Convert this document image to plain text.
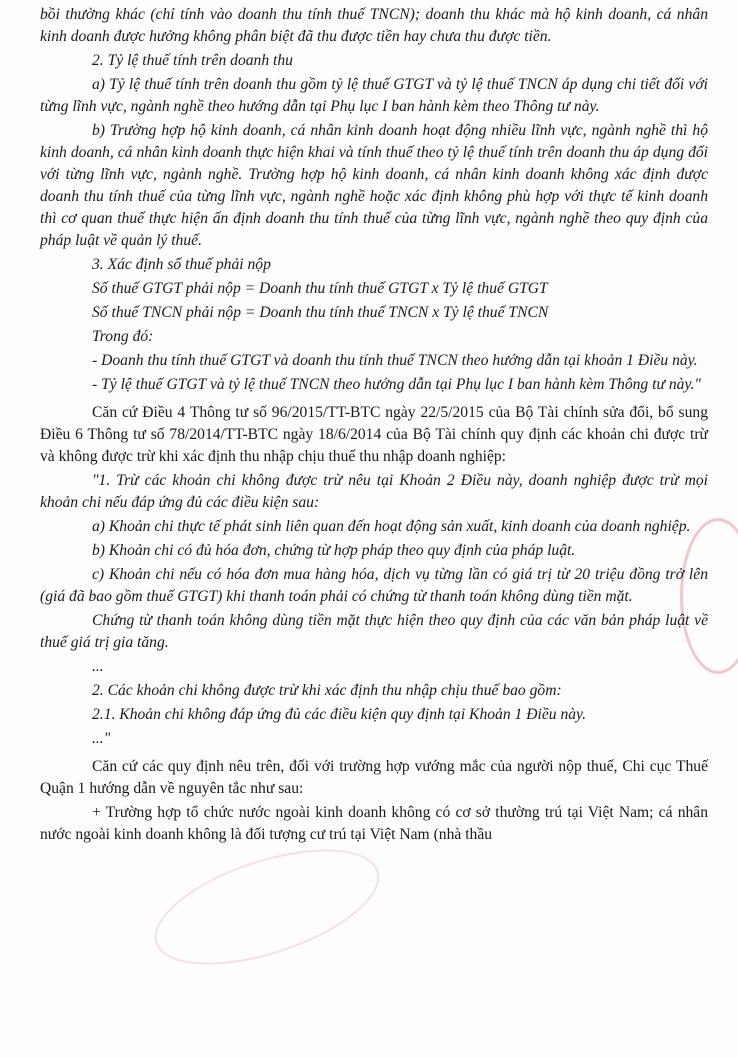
bồi thường khác (chỉ tính vào doanh thu tính thuế TNCN); doanh thu khác mà hộ kinh doanh, cá nhân kinh doanh được hưởng không phân biệt đã thu được tiền hay chưa thu được tiền.

2. Tỷ lệ thuế tính trên doanh thu

a) Tỷ lệ thuế tính trên doanh thu gồm tỷ lệ thuế GTGT và tỷ lệ thuế TNCN áp dụng chi tiết đối với từng lĩnh vực, ngành nghề theo hướng dẫn tại Phụ lục I ban hành kèm theo Thông tư này.

b) Trường hợp hộ kinh doanh, cá nhân kinh doanh hoạt động nhiều lĩnh vực, ngành nghề thì hộ kinh doanh, cá nhân kinh doanh thực hiện khai và tính thuế theo tỷ lệ thuế tính trên doanh thu áp dụng đối với từng lĩnh vực, ngành nghề. Trường hợp hộ kinh doanh, cá nhân kinh doanh không xác định được doanh thu tính thuế của từng lĩnh vực, ngành nghề hoặc xác định không phù hợp với thực tế kinh doanh thì cơ quan thuế thực hiện ấn định doanh thu tính thuế của từng lĩnh vực, ngành nghề theo quy định của pháp luật về quản lý thuế.

3. Xác định số thuế phải nộp

Số thuế GTGT phải nộp = Doanh thu tính thuế GTGT x Tỷ lệ thuế GTGT

Số thuế TNCN phải nộp = Doanh thu tính thuế TNCN x Tỷ lệ thuế TNCN

Trong đó:

- Doanh thu tính thuế GTGT và doanh thu tính thuế TNCN theo hướng dẫn tại khoản 1 Điều này.

- Tỷ lệ thuế GTGT và tỷ lệ thuế TNCN theo hướng dẫn tại Phụ lục I ban hành kèm Thông tư này."

Căn cứ Điều 4 Thông tư số 96/2015/TT-BTC ngày 22/5/2015 của Bộ Tài chính sửa đổi, bổ sung Điều 6 Thông tư số 78/2014/TT-BTC ngày 18/6/2014 của Bộ Tài chính quy định các khoản chi được trừ và không được trừ khi xác định thu nhập chịu thuế thu nhập doanh nghiệp:

"1. Trừ các khoản chi không được trừ nêu tại Khoản 2 Điều này, doanh nghiệp được trừ mọi khoản chi nếu đáp ứng đủ các điều kiện sau:

a) Khoản chi thực tế phát sinh liên quan đến hoạt động sản xuất, kinh doanh của doanh nghiệp.

b) Khoản chi có đủ hóa đơn, chứng từ hợp pháp theo quy định của pháp luật.

c) Khoản chi nếu có hóa đơn mua hàng hóa, dịch vụ từng lần có giá trị từ 20 triệu đồng trở lên (giá đã bao gồm thuế GTGT) khi thanh toán phải có chứng từ thanh toán không dùng tiền mặt.

Chứng từ thanh toán không dùng tiền mặt thực hiện theo quy định của các văn bản pháp luật về thuế giá trị gia tăng.

...

2. Các khoản chi không được trừ khi xác định thu nhập chịu thuế bao gồm:

2.1. Khoản chi không đáp ứng đủ các điều kiện quy định tại Khoản 1 Điều này.

..."

Căn cứ các quy định nêu trên, đối với trường hợp vướng mắc của người nộp thuế, Chi cục Thuế Quận 1 hướng dẫn về nguyên tắc như sau:

+ Trường hợp tổ chức nước ngoài kinh doanh không có cơ sở thường trú tại Việt Nam; cá nhân nước ngoài kinh doanh không là đối tượng cư trú tại Việt Nam (nhà thầu
